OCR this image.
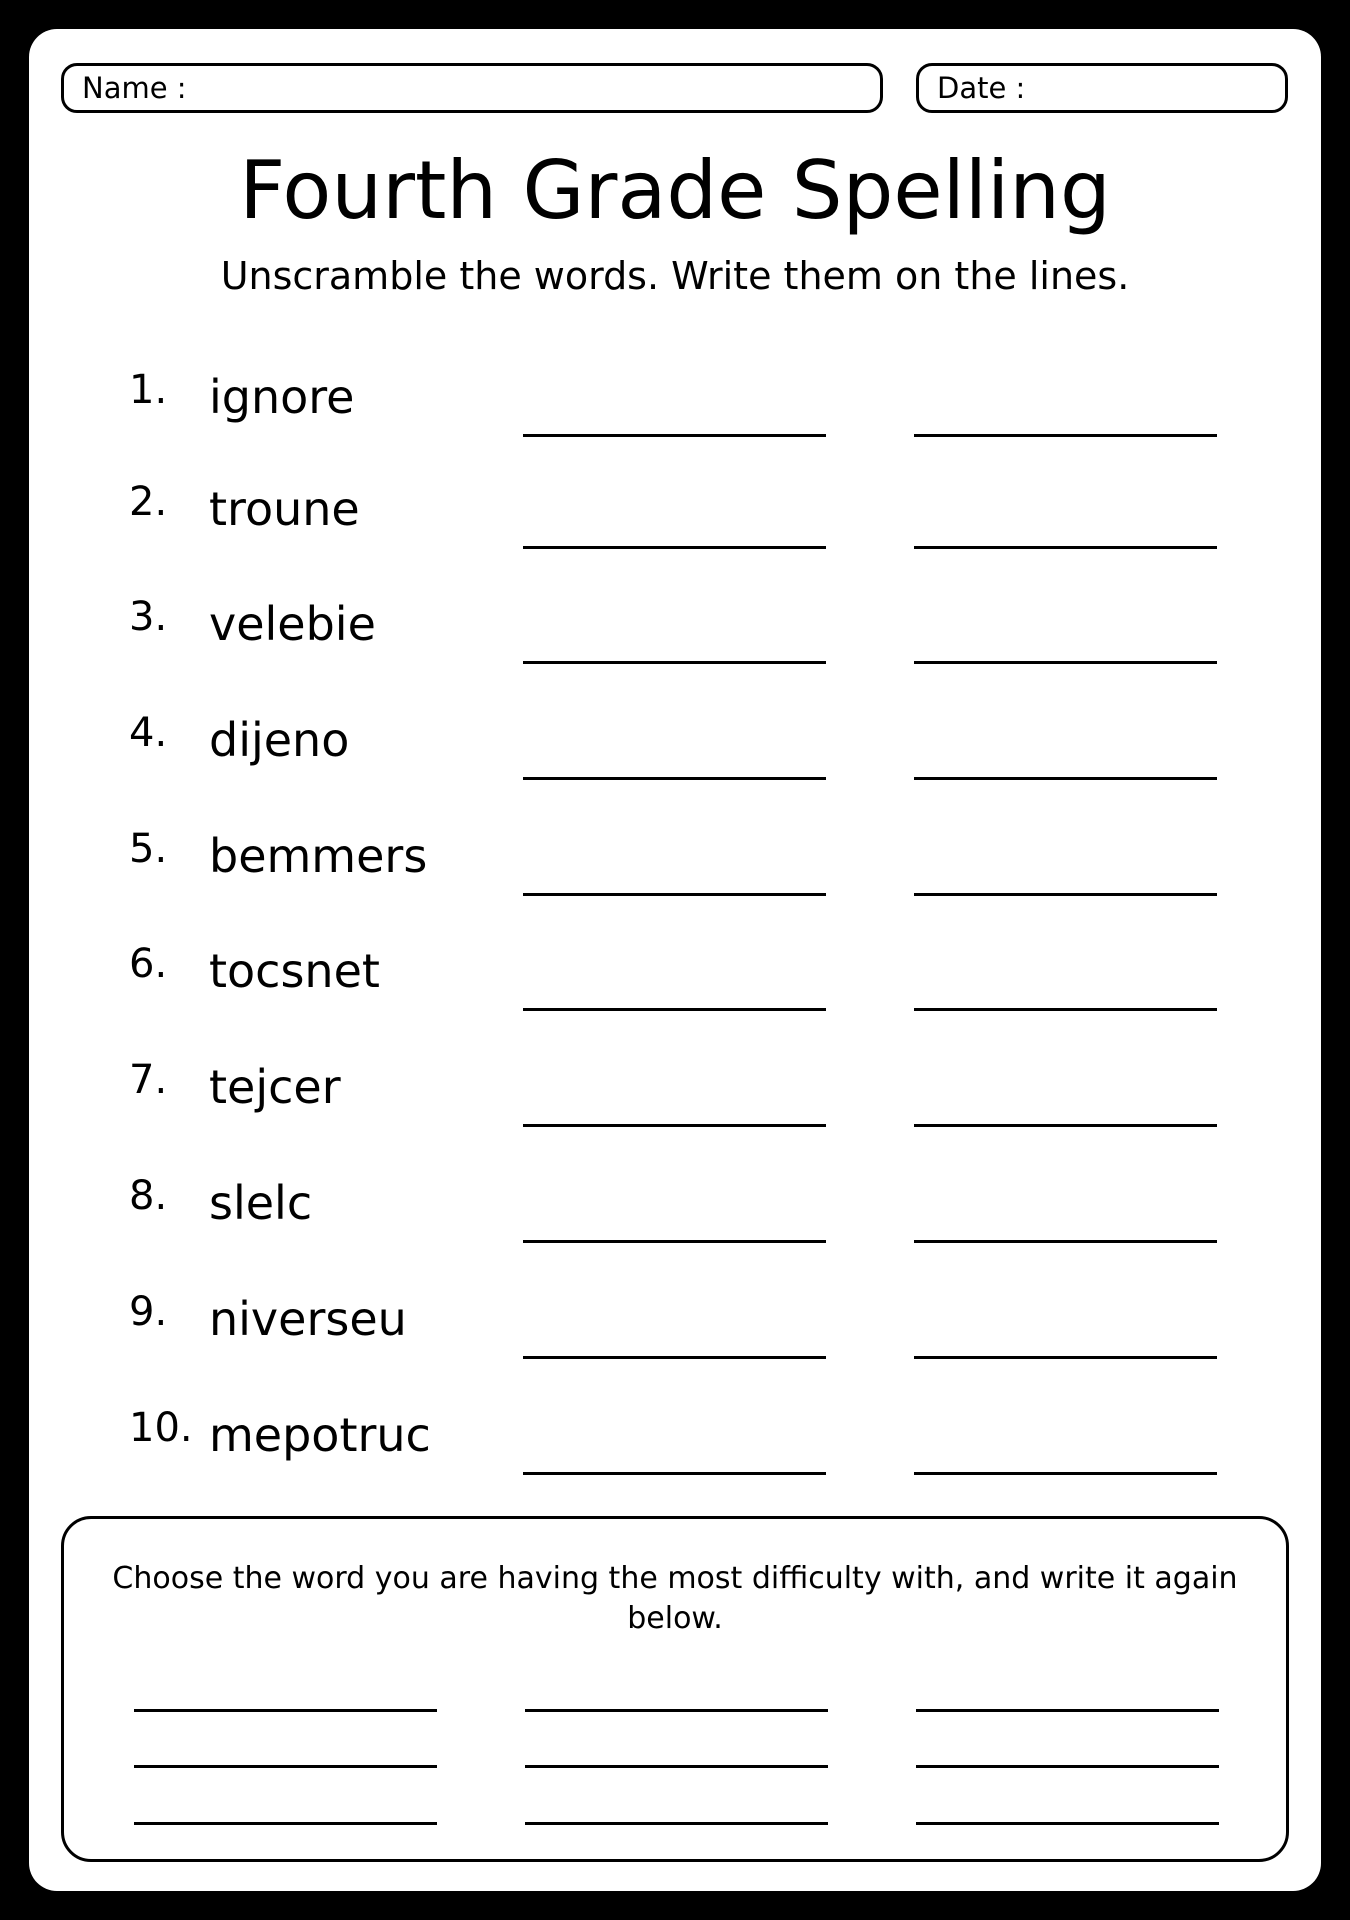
Name :	Date :
Fourth Grade Spelling
Unscramble the words. Write them on the lines.
1. ignore
2. troune
3. velebie
4. dijeno
5. bemmers
6. tocsnet
7. tejcer
8. slelc
9. niverseu
10. mepotruc
Choose the word you are having the most difficulty with, and write it again below.
